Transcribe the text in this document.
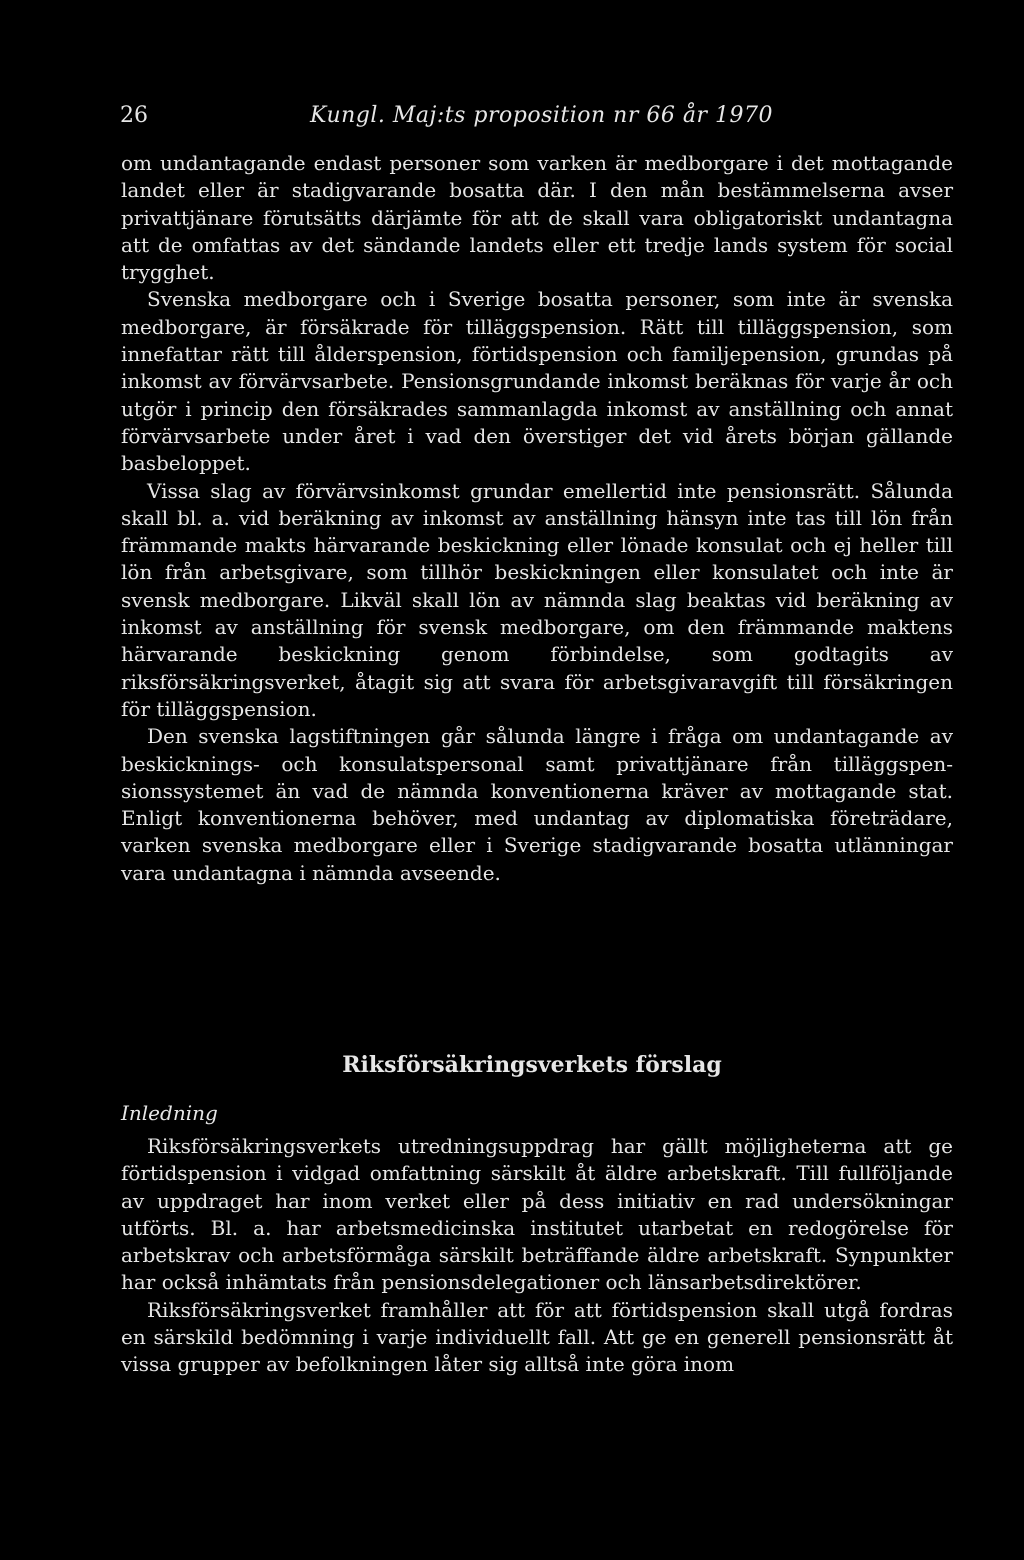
26	Kungl. Maj:ts proposition nr 66 år 1970

om undantagande endast personer som varken är medborgare i det mottagande landet eller är stadigvarande bosatta där. I den mån bestämmelserna avser privattjänare förutsätts därjämte för att de skall vara obligatoriskt undantagna att de omfattas av det sändande landets eller ett tredje lands system för social trygghet.

Svenska medborgare och i Sverige bosatta personer, som inte är svenska medborgare, är försäkrade för tilläggspension. Rätt till tilläggspension, som innefattar rätt till ålderspension, förtidspension och familjepension, grundas på inkomst av förvärvsarbete. Pensionsgrundande inkomst beräknas för varje år och utgör i princip den försäkrades sammanlagda inkomst av anställning och annat förvärvsarbete under året i vad den överstiger det vid årets början gällande basbeloppet.

Vissa slag av förvärvsinkomst grundar emellertid inte pensionsrätt. Sålunda skall bl. a. vid beräkning av inkomst av anställning hänsyn inte tas till lön från främmande makts härvarande beskickning eller lönade konsulat och ej heller till lön från arbetsgivare, som tillhör beskickningen eller konsulatet och inte är svensk medborgare. Likväl skall lön av nämnda slag beaktas vid beräkning av inkomst av anställning för svensk medborgare, om den främmande maktens härvarande beskickning genom förbindelse, som godtagits av riksförsäkringsverket, åtagit sig att svara för arbetsgivaravgift till försäkringen för tilläggspension.

Den svenska lagstiftningen går sålunda längre i fråga om undantagande av beskicknings- och konsulatspersonal samt privattjänare från tilläggspensionssystemet än vad de nämnda konventionerna kräver av mottagande stat. Enligt konventionerna behöver, med undantag av diplomatiska företrädare, varken svenska medborgare eller i Sverige stadigvarande bosatta utlänningar vara undantagna i nämnda avseende.

Riksförsäkringsverkets förslag
Inledning

Riksförsäkringsverkets utredningsuppdrag har gällt möjligheterna att ge förtidspension i vidgad omfattning särskilt åt äldre arbetskraft. Till fullföljande av uppdraget har inom verket eller på dess initiativ en rad undersökningar utförts. Bl. a. har arbetsmedicinska institutet utarbetat en redogörelse för arbetskrav och arbetsförmåga särskilt beträffande äldre arbetskraft. Synpunkter har också inhämtats från pensionsdelegationer och länsarbetsdirektörer.

Riksförsäkringsverket framhåller att för att förtidspension skall utgå fordras en särskild bedömning i varje individuellt fall. Att ge en generell pensionsrätt åt vissa grupper av befolkningen låter sig alltså inte göra inom
